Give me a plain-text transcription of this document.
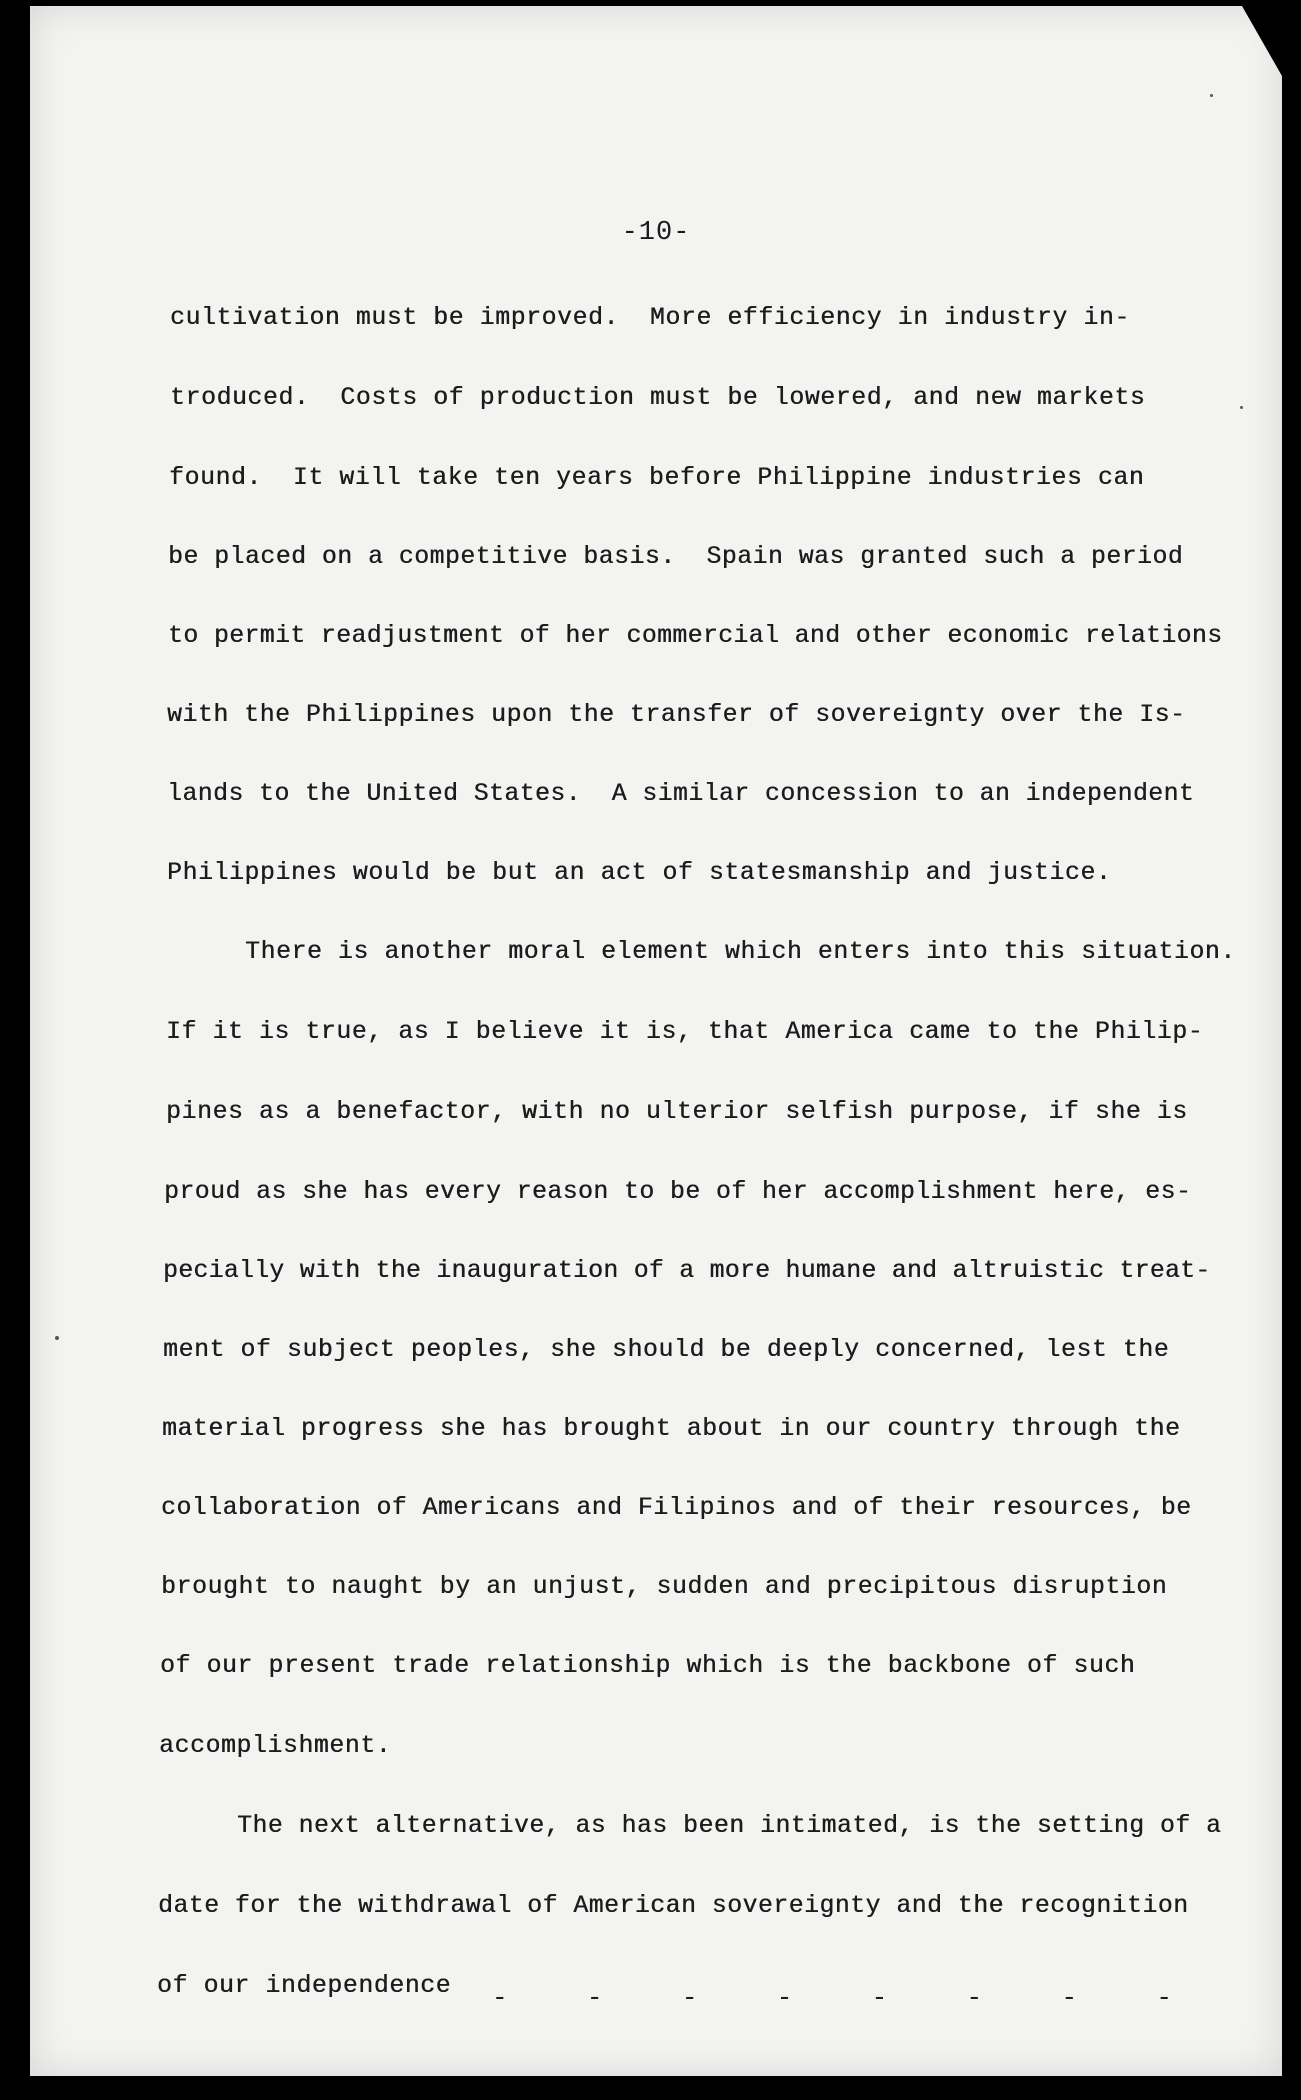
-10-
cultivation must be improved.  More efficiency in industry in-
troduced.  Costs of production must be lowered, and new markets
found.  It will take ten years before Philippine industries can
be placed on a competitive basis.  Spain was granted such a period
to permit readjustment of her commercial and other economic relations
with the Philippines upon the transfer of sovereignty over the Is-
lands to the United States.  A similar concession to an independent
Philippines would be but an act of statesmanship and justice.
There is another moral element which enters into this situation.
If it is true, as I believe it is, that America came to the Philip-
pines as a benefactor, with no ulterior selfish purpose, if she is
proud as she has every reason to be of her accomplishment here, es-
pecially with the inauguration of a more humane and altruistic treat-
ment of subject peoples, she should be deeply concerned, lest the
material progress she has brought about in our country through the
collaboration of Americans and Filipinos and of their resources, be
brought to naught by an unjust, sudden and precipitous disruption
of our present trade relationship which is the backbone of such
accomplishment.
The next alternative, as has been intimated, is the setting of a
date for the withdrawal of American sovereignty and the recognition
of our independence -	-	-	-	-	-	-	-
